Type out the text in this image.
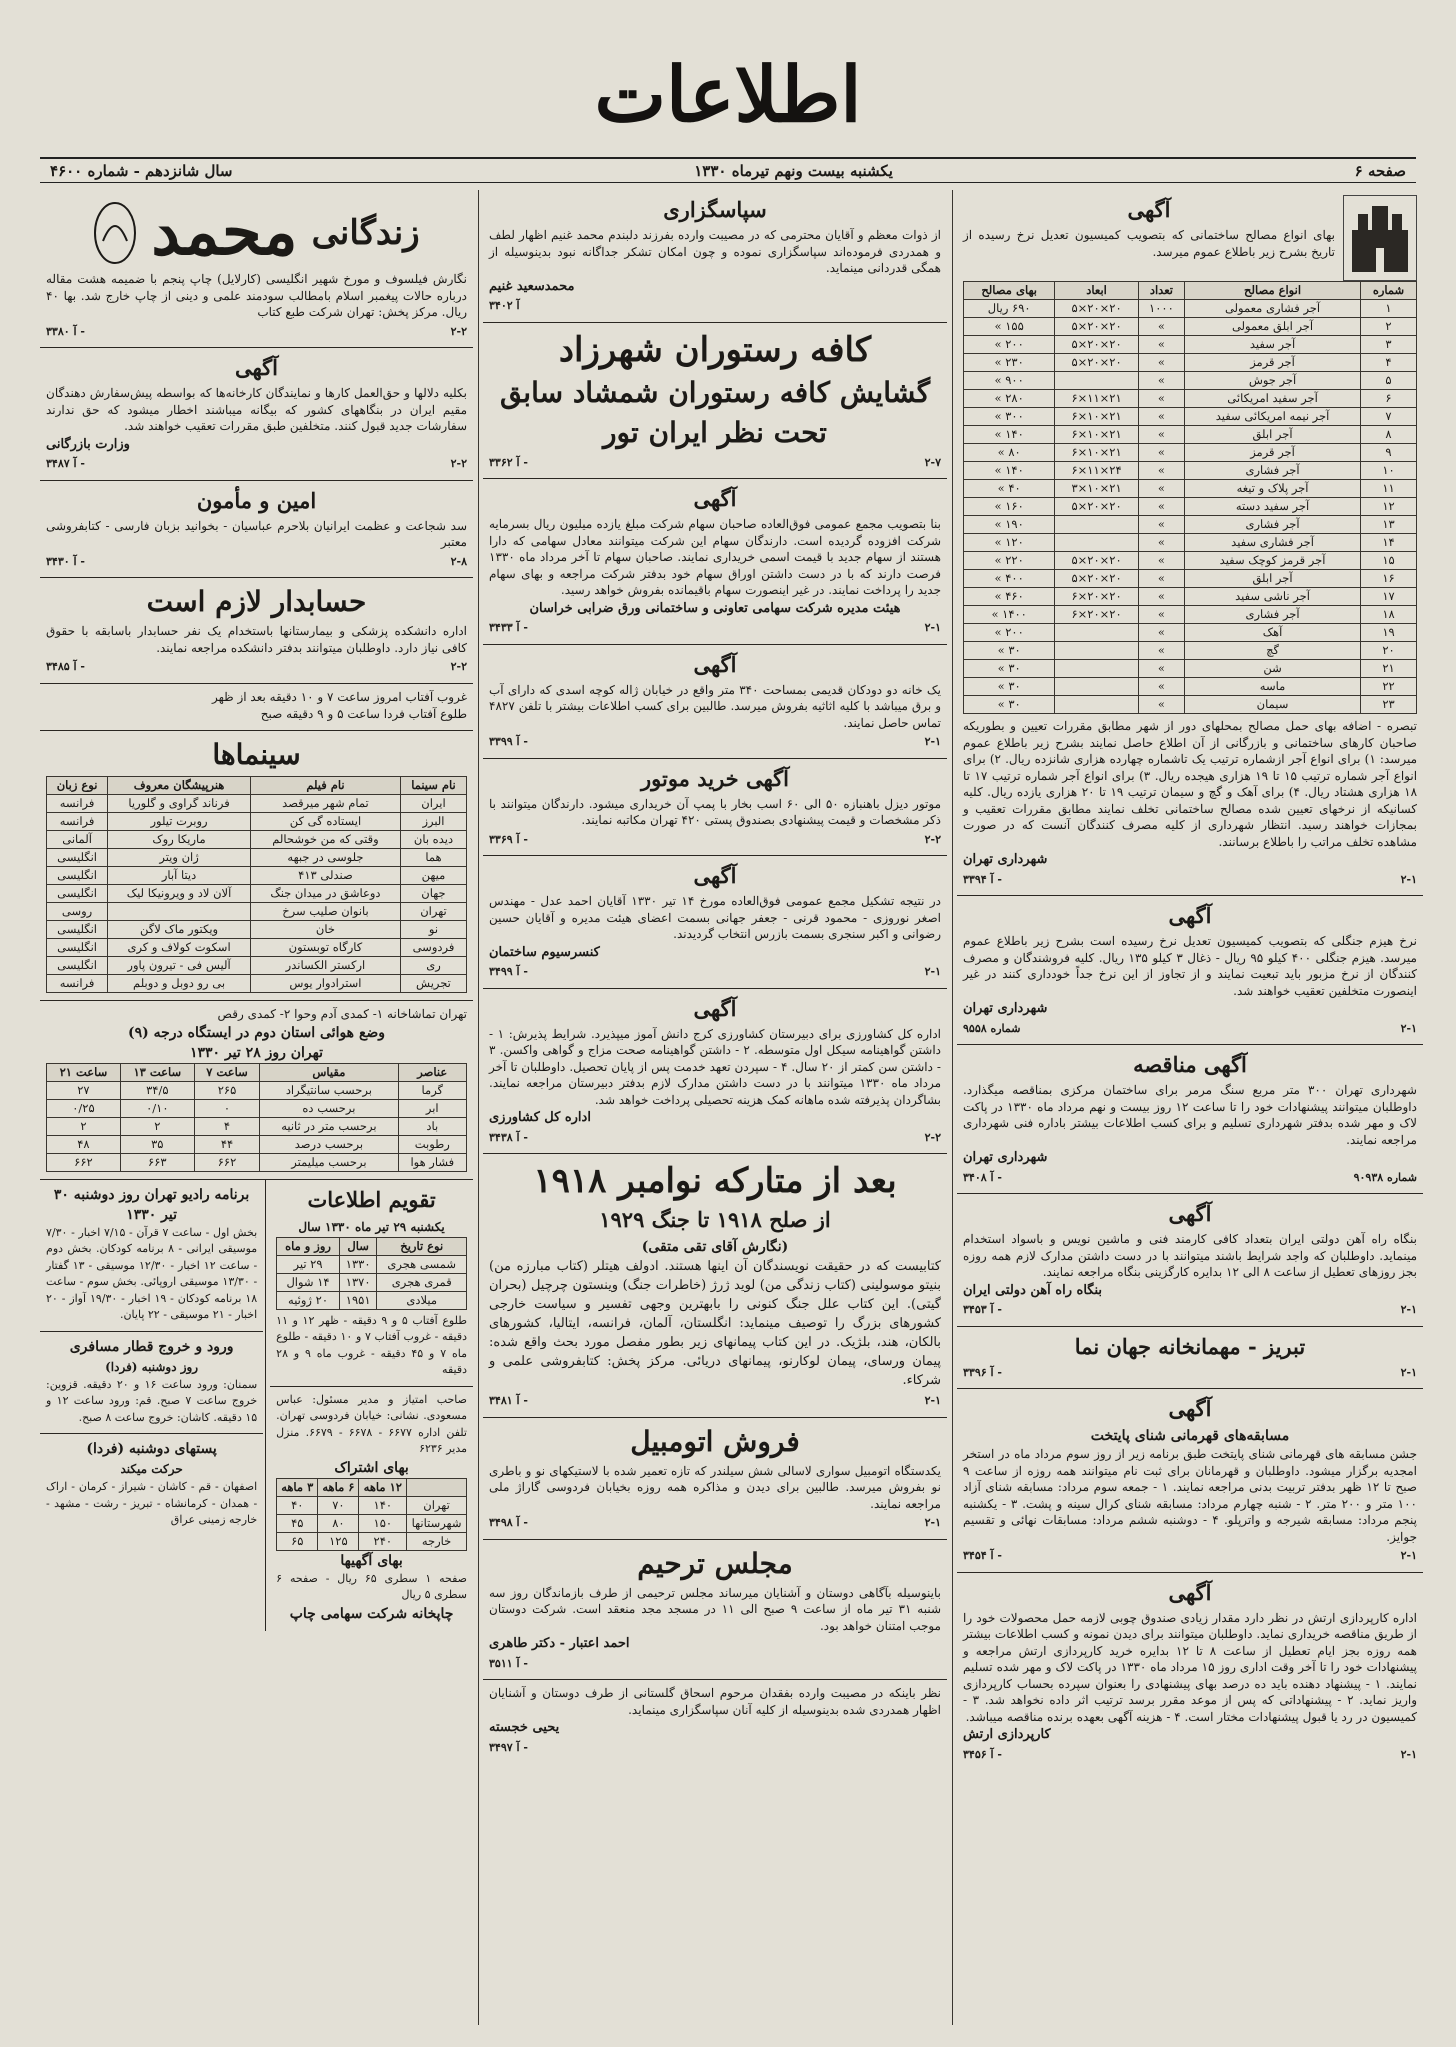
اطلاعات
صفحه ۶
یکشنبه بیست ونهم تیرماه ۱۳۳۰
سال شانزدهم - شماره ۴۶۰۰
آگهی
بهای انواع مصالح ساختمانی که بتصویب کمیسیون تعدیل نرخ رسیده از تاریخ بشرح زیر باطلاع عموم میرسد.
شماره	انواع مصالح	تعداد	ابعاد	بهای مصالح
۱	آجر فشاری معمولی	۱۰۰۰	۲۰×۲۰×۵	۶۹۰ ریال
۲	آجر ابلق معمولی	»	۲۰×۲۰×۵	۱۵۵ »
۳	آجر سفید	»	۲۰×۲۰×۵	۲۰۰ »
۴	آجر قرمز	»	۲۰×۲۰×۵	۲۳۰ »
۵	آجر جوش	»		۹۰۰ »
۶	آجر سفید امریکائی	»	۲۱×۱۱×۶	۲۸۰ »
۷	آجر نیمه امریکائی سفید	»	۲۱×۱۰×۶	۳۰۰ »
۸	آجر ابلق	»	۲۱×۱۰×۶	۱۴۰ »
۹	آجر قرمز	»	۲۱×۱۰×۶	۸۰ »
۱۰	آجر فشاری	»	۲۴×۱۱×۶	۱۴۰ »
۱۱	آجر پلاک و تیغه	»	۲۱×۱۰×۳	۴۰ »
۱۲	آجر سفید دسته	»	۲۰×۲۰×۵	۱۶۰ »
۱۳	آجر فشاری	»		۱۹۰ »
۱۴	آجر فشاری سفید	»		۱۲۰ »
۱۵	آجر قرمز کوچک سفید	»	۲۰×۲۰×۵	۲۲۰ »
۱۶	آجر ابلق	»	۲۰×۲۰×۵	۴۰۰ »
۱۷	آجر ناشی سفید	»	۲۰×۲۰×۶	۴۶۰ »
۱۸	آجر فشاری	»	۲۰×۲۰×۶	۱۴۰۰ »
۱۹	آهک	»		۲۰۰ »
۲۰	گچ	»		۳۰ »
۲۱	شن	»		۳۰ »
۲۲	ماسه	»		۳۰ »
۲۳	سیمان	»		۳۰ »
تبصره - اضافه بهای حمل مصالح بمحلهای دور از شهر مطابق مقررات تعیین و بطوریکه صاحبان کارهای ساختمانی و بازرگانی از آن اطلاع حاصل نمایند بشرح زیر باطلاع عموم میرسد: ۱) برای انواع آجر ازشماره ترتیب یک تاشماره چهارده هزاری شانزده ریال. ۲) برای انواع آجر شماره ترتیب ۱۵ تا ۱۹ هزاری هیجده ریال. ۳) برای انواع آجر شماره ترتیب ۱۷ تا ۱۸ هزاری هشتاد ریال. ۴) برای آهک و گچ و سیمان ترتیب ۱۹ تا ۲۰ هزاری یازده ریال. کلیه کسانیکه از نرخهای تعیین شده مصالح ساختمانی تخلف نمایند مطابق مقررات تعقیب و بمجازات خواهند رسید. انتظار شهرداری از کلیه مصرف کنندگان آنست که در صورت مشاهده تخلف مراتب را باطلاع برسانند.
شهرداری تهران
آ ۳۳۹۴ -	۲-۱
آگهی
نرخ هیزم جنگلی که بتصویب کمیسیون تعدیل نرخ رسیده است بشرح زیر باطلاع عموم میرسد. هیزم جنگلی ۴۰۰ کیلو ۹۵ ریال - ذغال ۳ کیلو ۱۳۵ ریال. کلیه فروشندگان و مصرف کنندگان از نرخ مزبور باید تبعیت نمایند و از تجاوز از این نرخ جداً خودداری کنند در غیر اینصورت متخلفین تعقیب خواهند شد.
شهرداری تهران
شماره ۹۵۵۸	۲-۱
آگهی مناقصه
شهرداری تهران ۳۰۰ متر مربع سنگ مرمر برای ساختمان مرکزی بمناقصه میگذارد. داوطلبان میتوانند پیشنهادات خود را تا ساعت ۱۲ روز بیست و نهم مرداد ماه ۱۳۳۰ در پاکت لاک و مهر شده بدفتر شهرداری تسلیم و برای کسب اطلاعات بیشتر باداره فنی شهرداری مراجعه نمایند.
شهرداری تهران
آ ۳۴۰۸ -	شماره ۹۰۹۳۸
آگهی
بنگاه راه آهن دولتی ایران بتعداد کافی کارمند فنی و ماشین نویس و باسواد استخدام مینماید. داوطلبان که واجد شرایط باشند میتوانند با در دست داشتن مدارک لازم همه روزه بجز روزهای تعطیل از ساعت ۸ الی ۱۲ بدایره کارگزینی بنگاه مراجعه نمایند.
بنگاه راه آهن دولتی ایران
آ ۳۴۵۳ -	۲-۱
تبریز - مهمانخانه جهان نما
آ ۳۳۹۶ -	۲-۱
آگهی
مسابقه‌های قهرمانی شنای پایتخت
جشن مسابقه های قهرمانی شنای پایتخت طبق برنامه زیر از روز سوم مرداد ماه در استخر امجدیه برگزار میشود. داوطلبان و قهرمانان برای ثبت نام میتوانند همه روزه از ساعت ۹ صبح تا ۱۲ ظهر بدفتر تربیت بدنی مراجعه نمایند. ۱ - جمعه سوم مرداد: مسابقه شنای آزاد ۱۰۰ متر و ۲۰۰ متر. ۲ - شنبه چهارم مرداد: مسابقه شنای کرال سینه و پشت. ۳ - یکشنبه پنجم مرداد: مسابقه شیرجه و واترپلو. ۴ - دوشنبه ششم مرداد: مسابقات نهائی و تقسیم جوایز.
آ ۳۴۵۴ -	۲-۱
آگهی
اداره کارپردازی ارتش در نظر دارد مقدار زیادی صندوق چوبی لازمه حمل محصولات خود را از طریق مناقصه خریداری نماید. داوطلبان میتوانند برای دیدن نمونه و کسب اطلاعات بیشتر همه روزه بجز ایام تعطیل از ساعت ۸ تا ۱۲ بدایره خرید کارپردازی ارتش مراجعه و پیشنهادات خود را تا آخر وقت اداری روز ۱۵ مرداد ماه ۱۳۳۰ در پاکت لاک و مهر شده تسلیم نمایند. ۱ - پیشنهاد دهنده باید ده درصد بهای پیشنهادی را بعنوان سپرده بحساب کارپردازی واریز نماید. ۲ - پیشنهاداتی که پس از موعد مقرر برسد ترتیب اثر داده نخواهد شد. ۳ - کمیسیون در رد یا قبول پیشنهادات مختار است. ۴ - هزینه آگهی بعهده برنده مناقصه میباشد.
کارپردازی ارتش
آ ۳۴۵۶ -	۲-۱
سپاسگزاری
از ذوات معظم و آقایان محترمی که در مصیبت وارده بفرزند دلبندم محمد غنیم اظهار لطف و همدردی فرموده‌اند سپاسگزاری نموده و چون امکان تشکر جداگانه نبود بدینوسیله از همگی قدردانی مینماید.
محمدسعید غنیم
آ ۳۴۰۲
کافه رستوران شهرزاد
گشایش کافه رستوران شمشاد سابق
تحت نظر ایران تور
آ ۳۳۶۲ -	۲-۷
آگهی
بنا بتصویب مجمع عمومی فوق‌العاده صاحبان سهام شرکت مبلغ یازده میلیون ریال بسرمایه شرکت افزوده گردیده است. دارندگان سهام این شرکت میتوانند معادل سهامی که دارا هستند از سهام جدید با قیمت اسمی خریداری نمایند. صاحبان سهام تا آخر مرداد ماه ۱۳۳۰ فرصت دارند که با در دست داشتن اوراق سهام خود بدفتر شرکت مراجعه و بهای سهام جدید را پرداخت نمایند. در غیر اینصورت سهام باقیمانده بفروش خواهد رسید.
هیئت مدیره شرکت سهامی تعاونی و ساختمانی ورق ضرابی خراسان
آ ۳۴۳۳ -	۲-۱
آگهی
یک خانه دو دودکان قدیمی بمساحت ۳۴۰ متر واقع در خیابان ژاله کوچه اسدی که دارای آب و برق میباشد با کلیه اثاثیه بفروش میرسد. طالبین برای کسب اطلاعات بیشتر با تلفن ۴۸۲۷ تماس حاصل نمایند.
آ ۳۳۹۹ -	۲-۱
آگهی خرید موتور
موتور دیزل باهنبازه ۵۰ الی ۶۰ اسب بخار با پمپ آن خریداری میشود. دارندگان میتوانند با ذکر مشخصات و قیمت پیشنهادی بصندوق پستی ۴۲۰ تهران مکاتبه نمایند.
آ ۳۳۶۹ -	۲-۲
آگهی
در نتیجه تشکیل مجمع عمومی فوق‌العاده مورخ ۱۴ تیر ۱۳۳۰ آقایان احمد عدل - مهندس اصغر نوروزی - محمود قرنی - جعفر جهانی بسمت اعضای هیئت مدیره و آقایان حسین رضوانی و اکبر سنجری بسمت بازرس انتخاب گردیدند.
کنسرسیوم ساختمان
آ ۳۴۹۹ -	۲-۱
آگهی
اداره کل کشاورزی برای دبیرستان کشاورزی کرج دانش آموز میپذیرد. شرایط پذیرش: ۱ - داشتن گواهینامه سیکل اول متوسطه. ۲ - داشتن گواهینامه صحت مزاج و گواهی واکسن. ۳ - داشتن سن کمتر از ۲۰ سال. ۴ - سپردن تعهد خدمت پس از پایان تحصیل. داوطلبان تا آخر مرداد ماه ۱۳۳۰ میتوانند با در دست داشتن مدارک لازم بدفتر دبیرستان مراجعه نمایند. بشاگردان پذیرفته شده ماهانه کمک هزینه تحصیلی پرداخت خواهد شد.
اداره کل کشاورزی
آ ۳۴۳۸ -	۲-۲
بعد از متارکه نوامبر ۱۹۱۸
از صلح ۱۹۱۸ تا جنگ ۱۹۲۹
(نگارش آقای تقی متقی)
کتابیست که در حقیقت نویسندگان آن اینها هستند. ادولف هیتلر (کتاب مبارزه من) بنیتو موسولینی (کتاب زندگی من) لوید ژرژ (خاطرات جنگ) وینستون چرچیل (بحران گیتی). این کتاب علل جنگ کنونی را بابهترین وجهی تفسیر و سیاست خارجی کشورهای بزرگ را توصیف مینماید: انگلستان، آلمان، فرانسه، ایتالیا، کشورهای بالکان، هند، بلژیک. در این کتاب پیمانهای زیر بطور مفصل مورد بحث واقع شده: پیمان ورسای، پیمان لوکارنو، پیمانهای دریائی. مرکز پخش: کتابفروشی علمی و شرکاء.
آ ۳۴۸۱ -	۲-۱
فروش اتومبیل
یکدستگاه اتومبیل سواری لاسالی شش سیلندر که تازه تعمیر شده با لاستیکهای نو و باطری نو بفروش میرسد. طالبین برای دیدن و مذاکره همه روزه بخیابان فردوسی گاراژ ملی مراجعه نمایند.
آ ۳۴۹۸ -	۲-۱
مجلس ترحیم
باینوسیله بآگاهی دوستان و آشنایان میرساند مجلس ترحیمی از طرف بازماندگان روز سه شنبه ۳۱ تیر ماه از ساعت ۹ صبح الی ۱۱ در مسجد مجد منعقد است. شرکت دوستان موجب امتنان خواهد بود.
احمد اعتبار - دکتر طاهری
آ ۳۵۱۱ -
نظر باینکه در مصیبت وارده بفقدان مرحوم اسحاق گلستانی از طرف دوستان و آشنایان اظهار همدردی شده بدینوسیله از کلیه آنان سپاسگزاری مینماید.
یحیی خجسته
آ ۳۴۹۷ -
زندگانی
محمد
نگارش فیلسوف و مورخ شهیر انگلیسی (کارلایل) چاپ پنجم با ضمیمه هشت مقاله درباره حالات پیغمبر اسلام بامطالب سودمند علمی و دینی از چاپ خارج شد. بها ۴۰ ریال. مرکز پخش: تهران شرکت طبع کتاب
آ ۳۳۸۰ -	۲-۲
آگهی
بکلیه دلالها و حق‌العمل کارها و نمایندگان کارخانه‌ها که بواسطه پیش‌سفارش دهندگان مقیم ایران در بنگاههای کشور که بیگانه میباشند اخطار میشود که حق ندارند سفارشات جدید قبول کنند. متخلفین طبق مقررات تعقیب خواهند شد.
وزارت بازرگانی
آ ۳۴۸۷ -	۲-۲
امین و مأمون
سد شجاعت و عظمت ایرانیان بلاحرم عباسیان - بخوانید بزبان فارسی - کتابفروشی معتبر
آ ۳۴۳۰ -	۲-۸
حسابدار لازم است
اداره دانشکده پزشکی و بیمارستانها باستخدام یک نفر حسابدار باسابقه با حقوق کافی نیاز دارد. داوطلبان میتوانند بدفتر دانشکده مراجعه نمایند.
آ ۳۴۸۵ -	۲-۲
غروب آفتاب امروز ساعت ۷ و ۱۰ دقیقه بعد از ظهر
طلوع آفتاب فردا ساعت ۵ و ۹ دقیقه صبح
سینماها
نام سینما	نام فیلم	هنرپیشگان معروف	نوع زبان
ایران	تمام شهر میرقصد	فرناند گراوی و گلوریا	فرانسه
البرز	ایستاده گی کن	روبرت تیلور	فرانسه
دیده بان	وقتی که من خوشحالم	ماریکا روک	آلمانی
هما	جلوسی در جبهه	ژان ویتر	انگلیسی
میهن	صندلی ۴۱۳	دیتا آبار	انگلیسی
جهان	دوعاشق در میدان جنگ	آلان لاد و ویرونیکا لیک	انگلیسی
تهران	بانوان صلیب سرخ		روسی
نو	خان	ویکتور ماک لاگن	انگلیسی
فردوسی	کارگاه توبستون	اسکوت کولاف و کری	انگلیسی
ری	ارکستر الکساندر	آلیس فی - تیرون پاور	انگلیسی
تجریش	استرادوار یوس	بی رو دوبل و دوبلم	فرانسه
تهران تماشاخانه ۱- کمدی آدم وحوا ۲- کمدی رقص
وضع هوائی استان دوم در ایستگاه درجه (۹)
تهران روز ۲۸ تیر ۱۳۳۰
عناصر	مقیاس	ساعت ۷	ساعت ۱۳	ساعت ۲۱
گرما	برحسب سانتیگراد	۲۶۵	۳۴/۵	۲۷
ابر	برحسب ده	۰	۰/۱۰	۰/۲۵
باد	برحسب متر در ثانیه	۴	۲	۲
رطوبت	برحسب درصد	۴۴	۳۵	۴۸
فشار هوا	برحسب میلیمتر	۶۶۲	۶۶۳	۶۶۲
تقویم اطلاعات
یکشنبه ۲۹ تیر ماه ۱۳۳۰ سال
نوع تاریخ	سال	روز و ماه
شمسی هجری	۱۳۳۰	۲۹ تیر
قمری هجری	۱۳۷۰	۱۴ شوال
میلادی	۱۹۵۱	۲۰ ژوئیه
طلوع آفتاب ۵ و ۹ دقیقه - ظهر ۱۲ و ۱۱ دقیقه - غروب آفتاب ۷ و ۱۰ دقیقه - طلوع ماه ۷ و ۴۵ دقیقه - غروب ماه ۹ و ۲۸ دقیقه
صاحب امتیاز و مدیر مسئول: عباس مسعودی. نشانی: خیابان فردوسی تهران. تلفن اداره ۶۶۷۷ - ۶۶۷۸ - ۶۶۷۹. منزل مدیر ۶۲۳۶
بهای اشتراک
	۱۲ ماهه	۶ ماهه	۳ ماهه
تهران	۱۴۰	۷۰	۴۰
شهرستانها	۱۵۰	۸۰	۴۵
خارجه	۲۴۰	۱۲۵	۶۵
بهای آگهیها
صفحه ۱ سطری ۶۵ ریال - صفحه ۶ سطری ۵ ریال
چاپخانه شرکت سهامی چاپ
برنامه رادیو تهران روز دوشنبه ۳۰ تیر ۱۳۳۰
بخش اول - ساعت ۷ قرآن - ۷/۱۵ اخبار - ۷/۳۰ موسیقی ایرانی - ۸ برنامه کودکان. بخش دوم - ساعت ۱۲ اخبار - ۱۲/۳۰ موسیقی - ۱۳ گفتار - ۱۳/۳۰ موسیقی اروپائی. بخش سوم - ساعت ۱۸ برنامه کودکان - ۱۹ اخبار - ۱۹/۳۰ آواز - ۲۰ اخبار - ۲۱ موسیقی - ۲۲ پایان.
ورود و خروج قطار مسافری
روز دوشنبه (فردا)
سمنان: ورود ساعت ۱۶ و ۲۰ دقیقه. قزوین: خروج ساعت ۷ صبح. قم: ورود ساعت ۱۲ و ۱۵ دقیقه. کاشان: خروج ساعت ۸ صبح.
پستهای دوشنبه (فردا)
حرکت میکند
اصفهان - قم - کاشان - شیراز - کرمان - اراک - همدان - کرمانشاه - تبریز - رشت - مشهد - خارجه زمینی عراق
